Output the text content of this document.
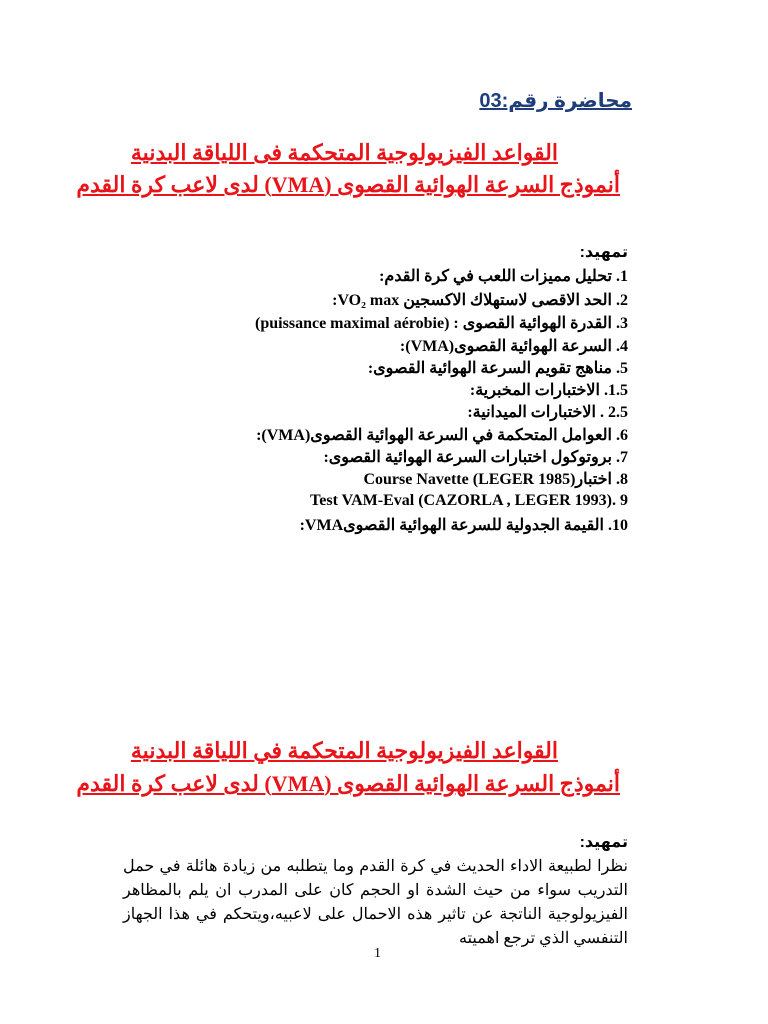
محاضرة رقم:03
القواعد الفيزيولوجية المتحكمة فى اللياقة البدنية
أنموذج السرعة الهوائية القصوى (VMA) لدى لاعب كرة القدم
تمهيد:
1. تحليل مميزات اللعب في كرة القدم:
2. الحد الاقصى لاستهلاك الاكسجين VO₂ max:
3. القدرة الهوائية القصوى : (puissance maximal aérobie)
4. السرعة الهوائية القصوى(VMA):
5. مناهج تقويم السرعة الهوائية القصوى:
1.5. الاختبارات المخبرية:
2.5 . الاختبارات الميدانية:
6. العوامل المتحكمة في السرعة الهوائية القصوى(VMA):
7. بروتوكول اختبارات السرعة الهوائية القصوى:
8. اختبار(Course Navette (LEGER 1985
9 .(Test VAM-Eval (CAZORLA , LEGER 1993
10. القيمة الجدولية للسرعة الهوائية القصوىVMA:
القواعد الفيزيولوجية المتحكمة في اللياقة البدنية
أنموذج السرعة الهوائية القصوى (VMA) لدى لاعب كرة القدم
تمهيد:
نظرا لطبيعة الاداء الحديث في كرة القدم وما يتطلبه من زيادة هائلة في حمل التدريب سواء من حيث الشدة او الحجم كان على المدرب ان يلم بالمظاهر الفيزيولوجية الناتجة عن تاثير هذه الاحمال على لاعبيه،ويتحكم في هذا الجهاز التنفسي الذي ترجع اهميته
1
